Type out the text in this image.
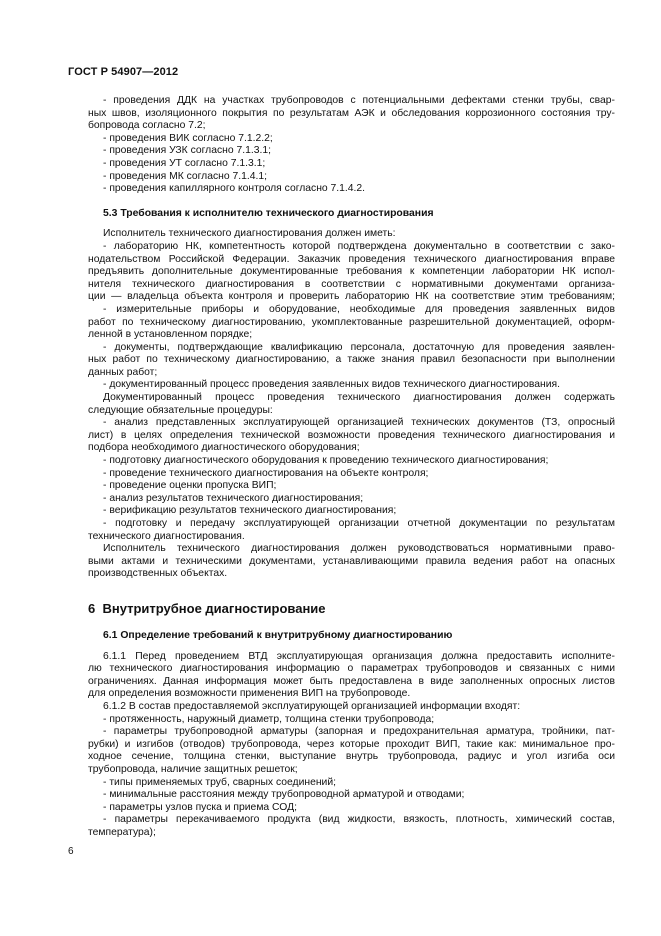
ГОСТ Р 54907—2012

- проведения ДДК на участках трубопроводов с потенциальными дефектами стенки трубы, свар-

ных швов, изоляционного покрытия по результатам АЭК и обследования коррозионного состояния тру-

бопровода согласно 7.2;

- проведения ВИК согласно 7.1.2.2;

- проведения УЗК согласно 7.1.3.1;

- проведения УТ согласно 7.1.3.1;

- проведения МК согласно 7.1.4.1;

- проведения капиллярного контроля согласно 7.1.4.2.

5.3 Требования к исполнителю технического диагностирования

Исполнитель технического диагностирования должен иметь:

- лабораторию НК, компетентность которой подтверждена документально в соответствии с зако-

нодательством Российской Федерации. Заказчик проведения технического диагностирования вправе

предъявить дополнительные документированные требования к компетенции лаборатории НК испол-

нителя технического диагностирования в соответствии с нормативными документами организа-

ции — владельца объекта контроля и проверить лабораторию НК на соответствие этим требованиям;

- измерительные приборы и оборудование, необходимые для проведения заявленных видов

работ по техническому диагностированию, укомплектованные разрешительной документацией, оформ-

ленной в установленном порядке;

- документы, подтверждающие квалификацию персонала, достаточную для проведения заявлен-

ных работ по техническому диагностированию, а также знания правил безопасности при выполнении

данных работ;

- документированный процесс проведения заявленных видов технического диагностирования.

Документированный процесс проведения технического диагностирования должен содержать

следующие обязательные процедуры:

- анализ представленных эксплуатирующей организацией технических документов (ТЗ, опросный

лист) в целях определения технической возможности проведения технического диагностирования и

подбора необходимого диагностического оборудования;

- подготовку диагностического оборудования к проведению технического диагностирования;

- проведение технического диагностирования на объекте контроля;

- проведение оценки пропуска ВИП;

- анализ результатов технического диагностирования;

- верификацию результатов технического диагностирования;

- подготовку и передачу эксплуатирующей организации отчетной документации по результатам

технического диагностирования.

Исполнитель технического диагностирования должен руководствоваться нормативными право-

выми актами и техническими документами, устанавливающими правила ведения работ на опасных

производственных объектах.

6 Внутритрубное диагностирование

6.1 Определение требований к внутритрубному диагностированию

6.1.1 Перед проведением ВТД эксплуатирующая организация должна предоставить исполните-

лю технического диагностирования информацию о параметрах трубопроводов и связанных с ними

ограничениях. Данная информация может быть предоставлена в виде заполненных опросных листов

для определения возможности применения ВИП на трубопроводе.

6.1.2 В состав предоставляемой эксплуатирующей организацией информации входят:

- протяженность, наружный диаметр, толщина стенки трубопровода;

- параметры трубопроводной арматуры (запорная и предохранительная арматура, тройники, пат-

рубки) и изгибов (отводов) трубопровода, через которые проходит ВИП, такие как: минимальное про-

ходное сечение, толщина стенки, выступание внутрь трубопровода, радиус и угол изгиба оси

трубопровода, наличие защитных решеток;

- типы применяемых труб, сварных соединений;

- минимальные расстояния между трубопроводной арматурой и отводами;

- параметры узлов пуска и приема СОД;

- параметры перекачиваемого продукта (вид жидкости, вязкость, плотность, химический состав,

температура);

6
